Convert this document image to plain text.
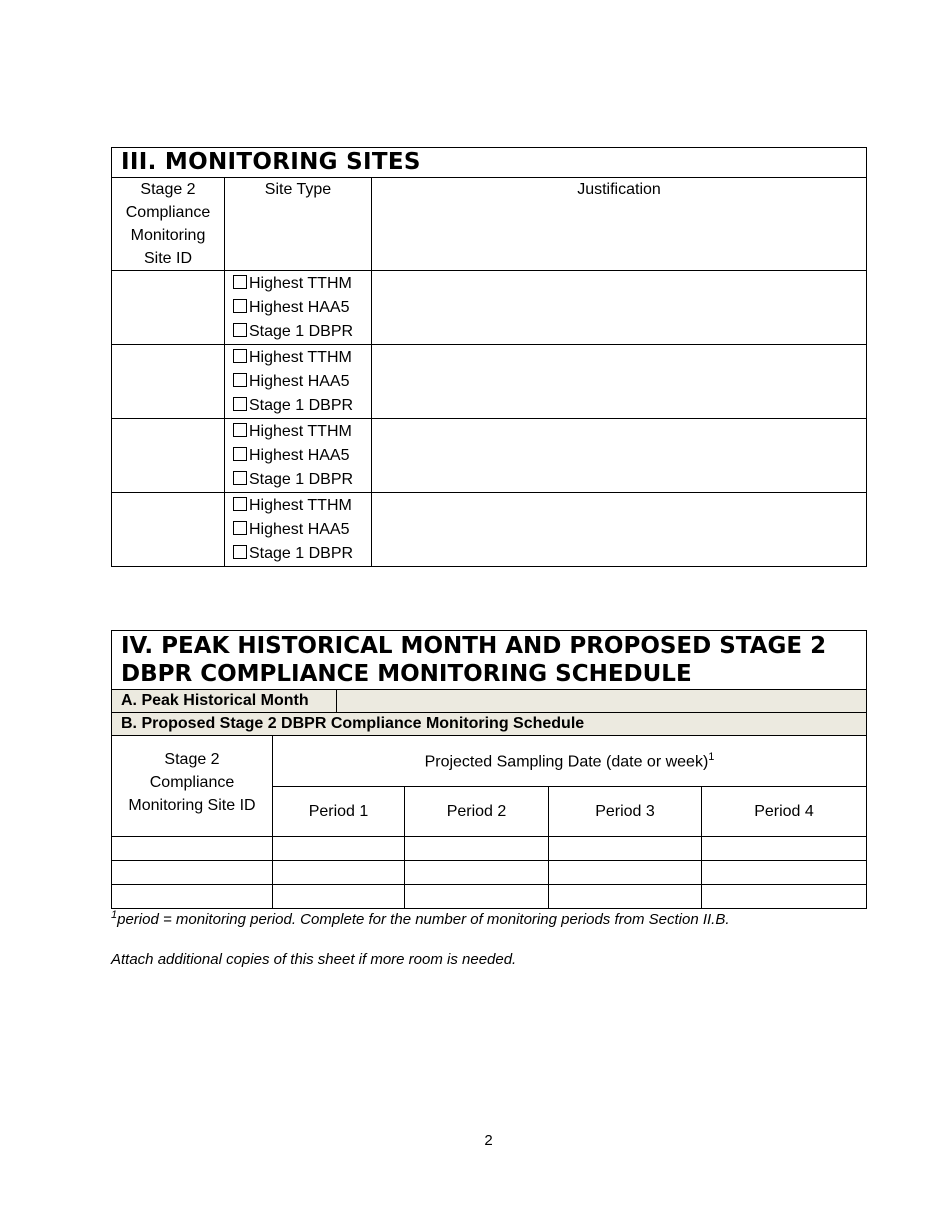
III. MONITORING SITES		

Stage 2
Compliance
Monitoring
Site ID	Site Type	Justification

	Highest TTHM
Highest HAA5
Stage 1 DBPR	

	Highest TTHM
Highest HAA5
Stage 1 DBPR	

	Highest TTHM
Highest HAA5
Stage 1 DBPR	

	Highest TTHM
Highest HAA5
Stage 1 DBPR	

IV. PEAK HISTORICAL MONTH AND PROPOSED STAGE 2
DBPR COMPLIANCE MONITORING SCHEDULE					

A. Peak Historical Month					
B. Proposed Stage 2 DBPR Compliance Monitoring Schedule					

Stage 2
Compliance
Monitoring Site ID	Projected Sampling Date (date or week)$^1$
	Period 1		Period 2	Period 3	Period 4

$^1$period = monitoring period. Complete for the number of monitoring periods from Section II.B.
Attach additional copies of this sheet if more room is needed.
2
